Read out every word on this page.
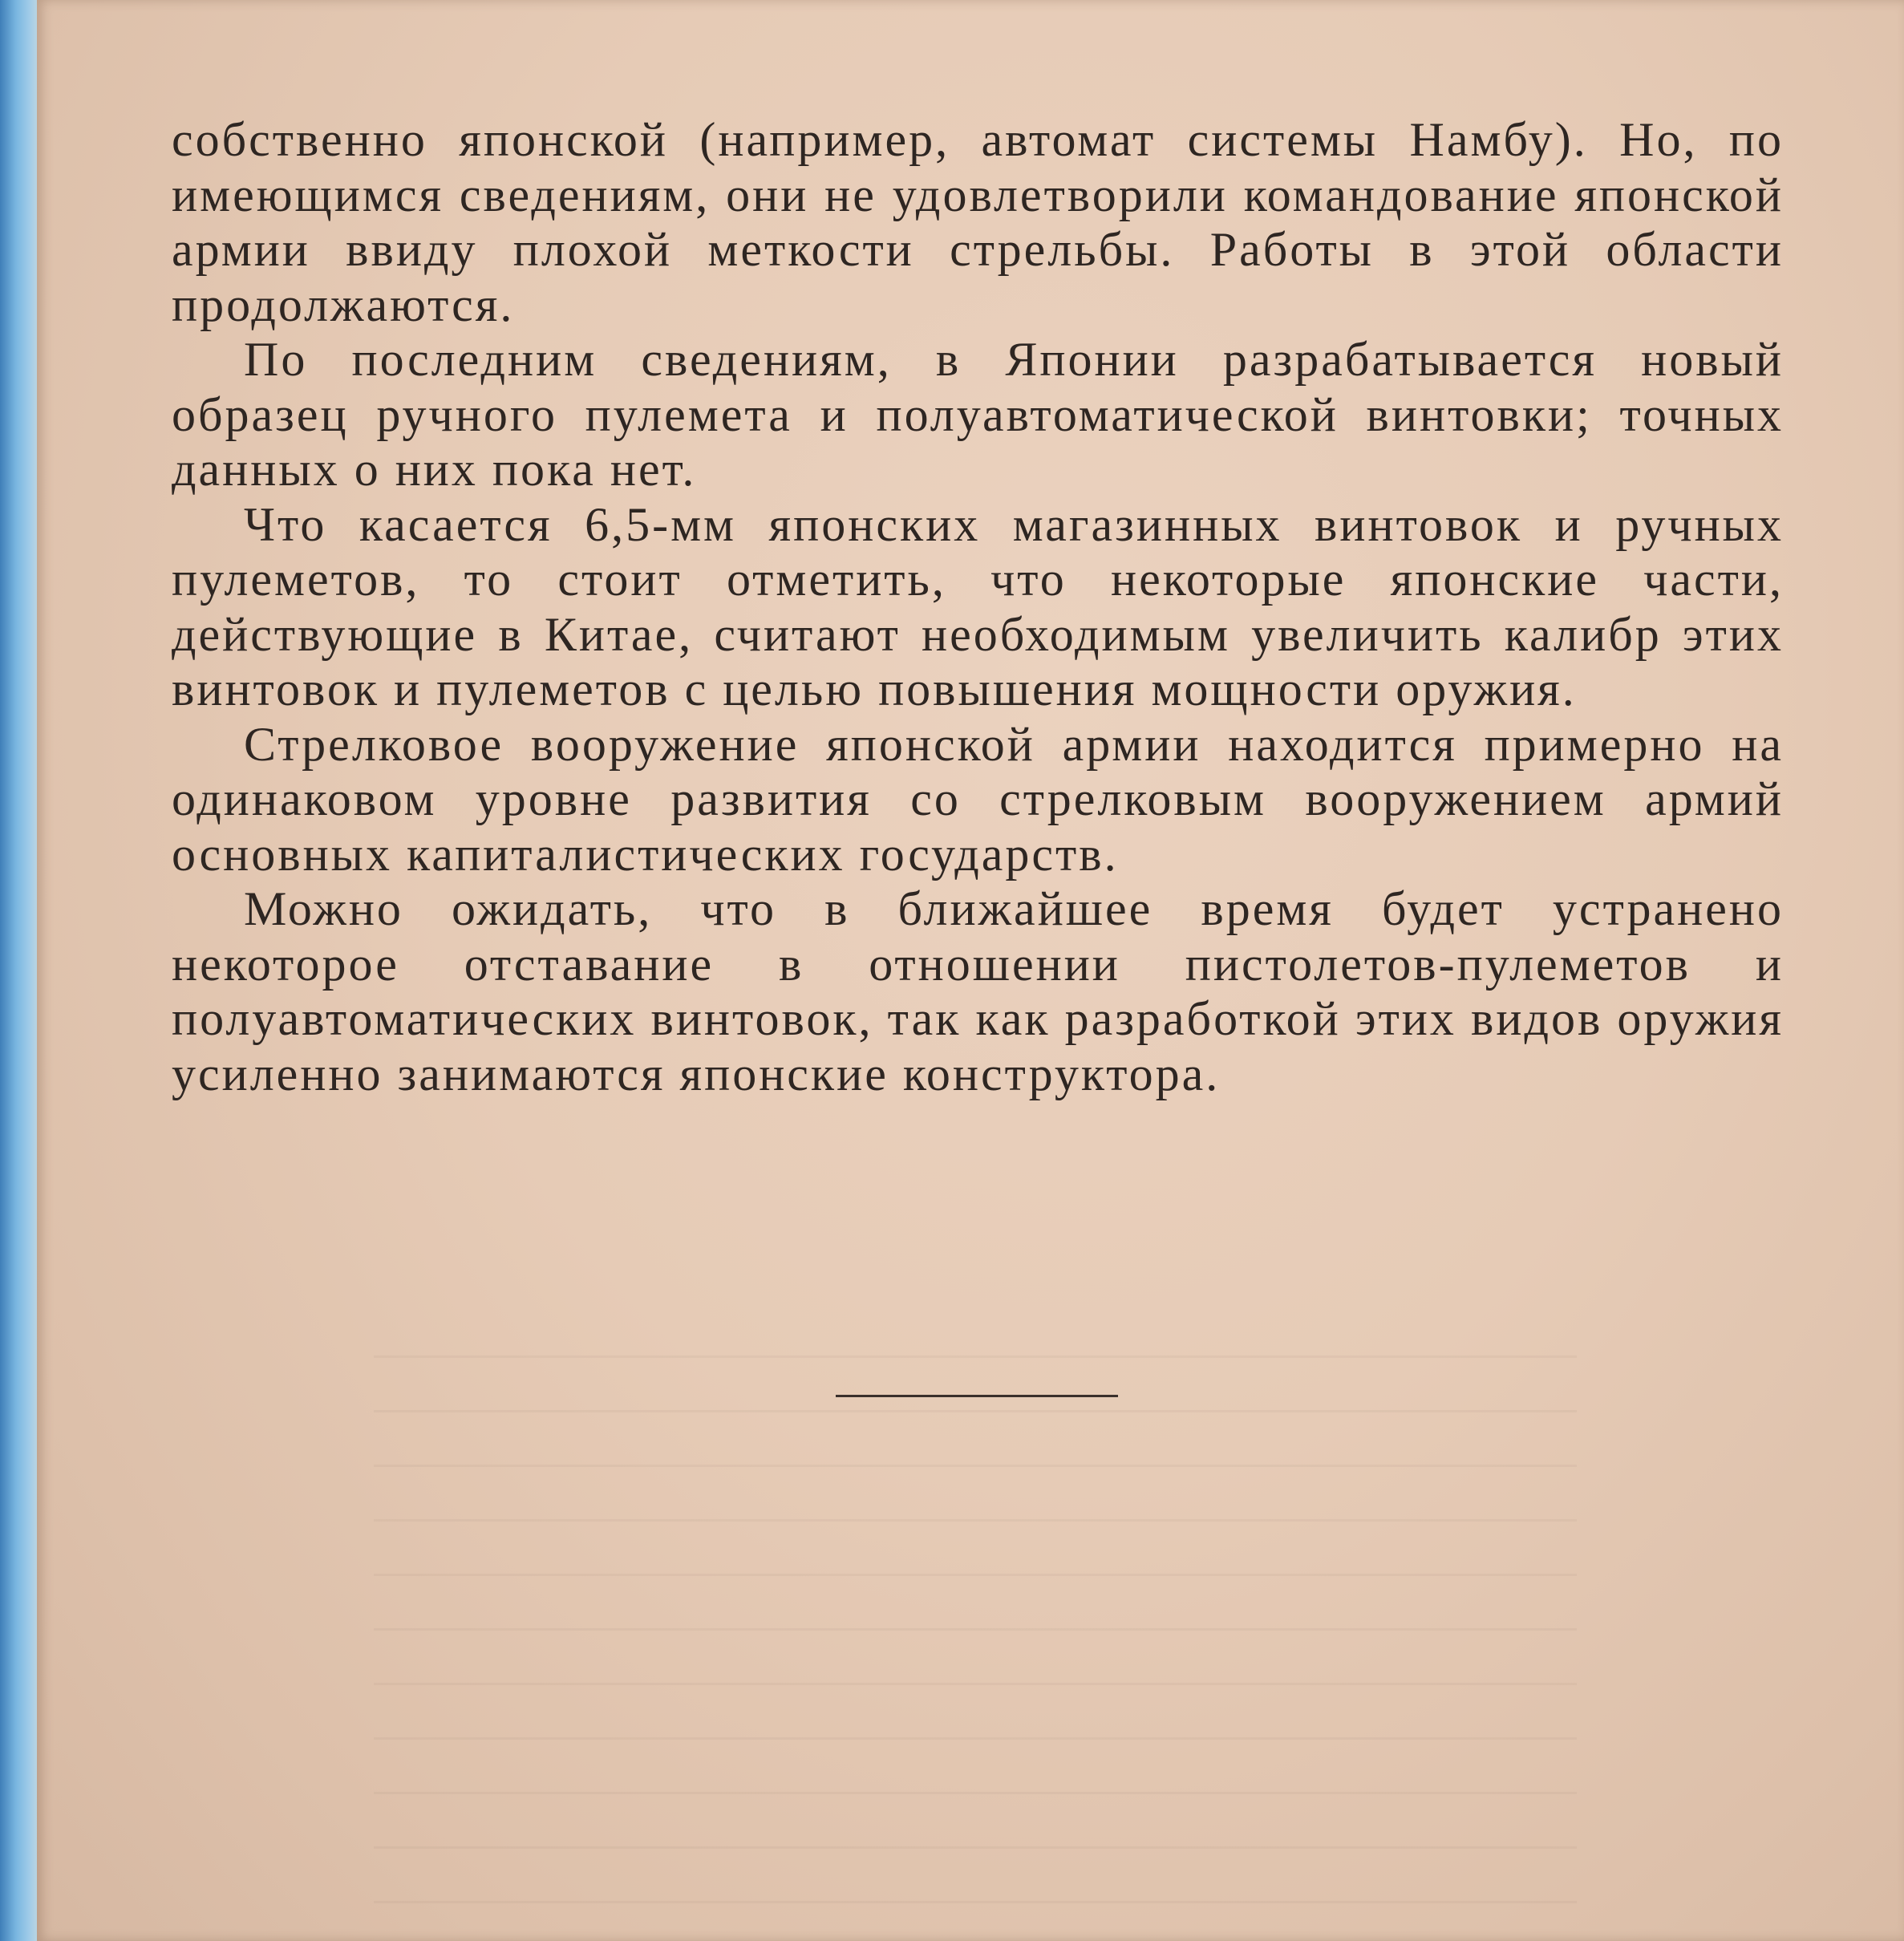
собственно японской (например, автомат системы Намбу). Но, по имеющимся сведениям, они не удовлетворили командование японской армии ввиду плохой меткости стрельбы. Работы в этой области продолжаются.

По последним сведениям, в Японии разрабатывается новый образец ручного пулемета и полуавтоматической винтовки; точных данных о них пока нет.

Что касается 6,5-мм японских магазинных винтовок и ручных пулеметов, то стоит отметить, что некоторые японские части, действующие в Китае, считают необходимым увеличить калибр этих винтовок и пулеметов с целью повышения мощности оружия.

Стрелковое вооружение японской армии находится примерно на одинаковом уровне развития со стрелковым вооружением армий основных капиталистических государств.

Можно ожидать, что в ближайшее время будет устранено некоторое отставание в отношении пистолетов-пулеметов и полуавтоматических винтовок, так как разработкой этих видов оружия усиленно занимаются японские конструктора.
